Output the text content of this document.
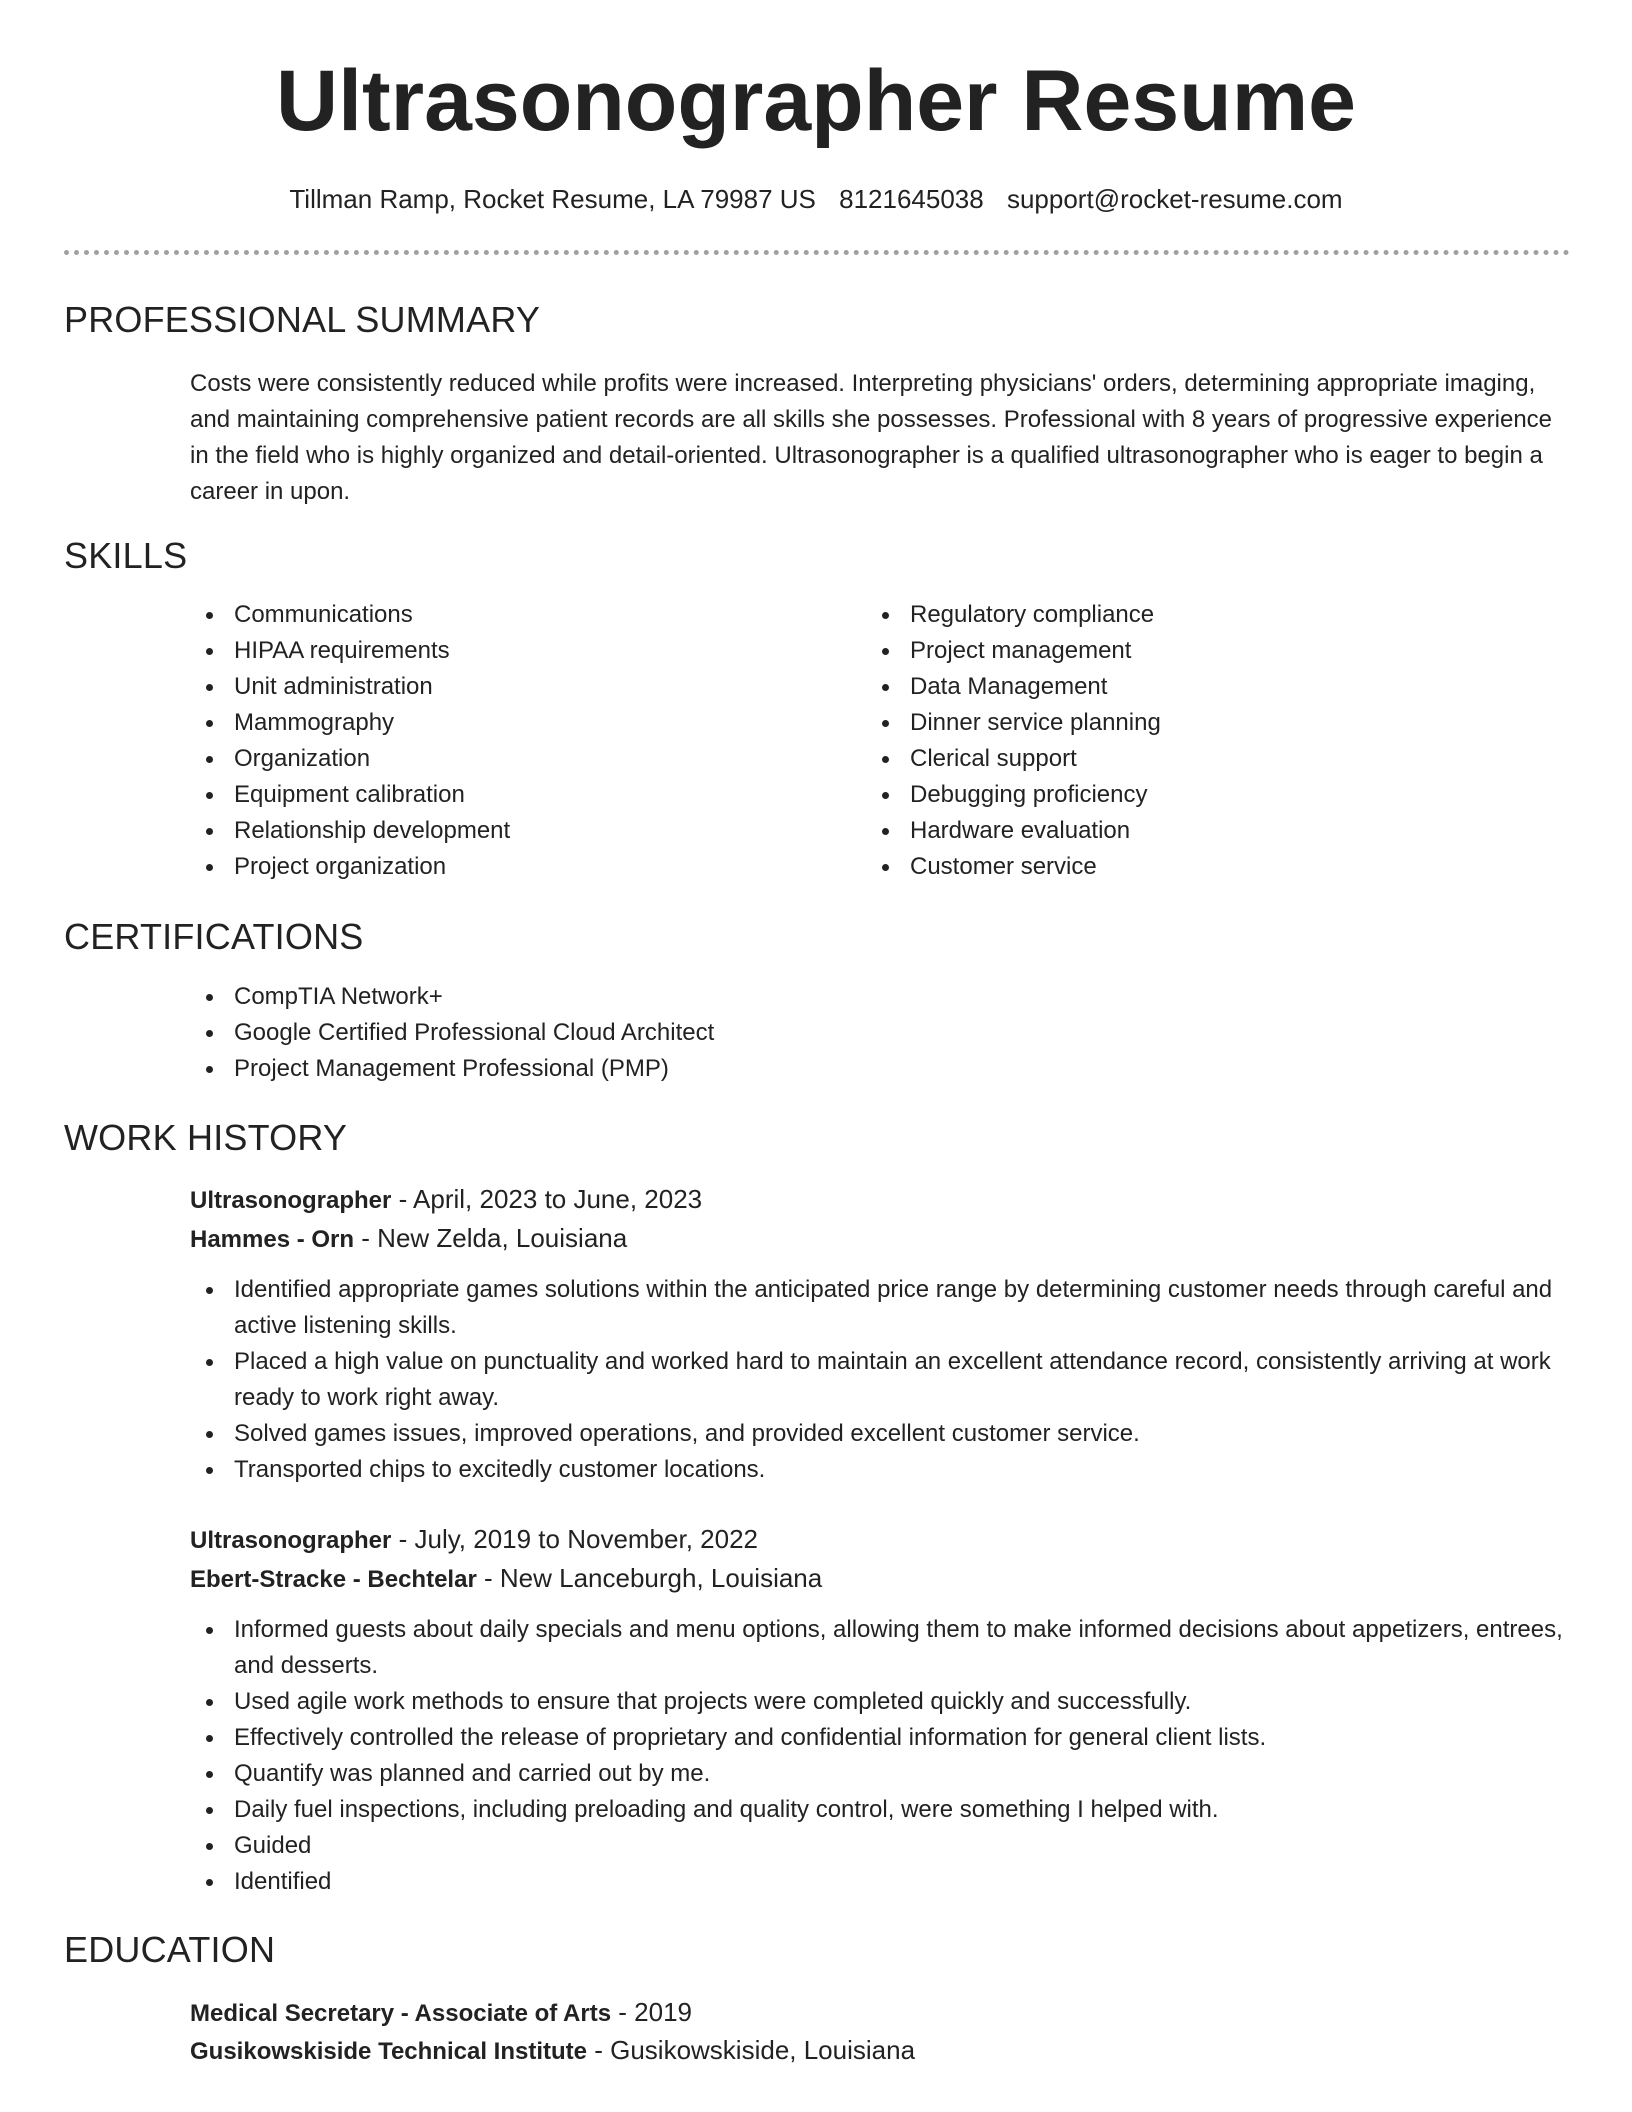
Ultrasonographer Resume
Tillman Ramp, Rocket Resume, LA 79987 US 8121645038 support@rocket-resume.com
PROFESSIONAL SUMMARY

Costs were consistently reduced while profits were increased. Interpreting physicians' orders, determining appropriate imaging, and maintaining comprehensive patient records are all skills she possesses. Professional with 8 years of progressive experience in the field who is highly organized and detail-oriented. Ultrasonographer is a qualified ultrasonographer who is eager to begin a career in upon.

SKILLS
Communications
HIPAA requirements
Unit administration
Mammography
Organization
Equipment calibration
Relationship development
Project organization
Regulatory compliance
Project management
Data Management
Dinner service planning
Clerical support
Debugging proficiency
Hardware evaluation
Customer service
CERTIFICATIONS
CompTIA Network+
Google Certified Professional Cloud Architect
Project Management Professional (PMP)
WORK HISTORY
Ultrasonographer - April, 2023 to June, 2023
Hammes - Orn - New Zelda, Louisiana
Identified appropriate games solutions within the anticipated price range by determining customer needs through careful and active listening skills.
Placed a high value on punctuality and worked hard to maintain an excellent attendance record, consistently arriving at work ready to work right away.
Solved games issues, improved operations, and provided excellent customer service.
Transported chips to excitedly customer locations.
Ultrasonographer - July, 2019 to November, 2022
Ebert-Stracke - Bechtelar - New Lanceburgh, Louisiana
Informed guests about daily specials and menu options, allowing them to make informed decisions about appetizers, entrees, and desserts.
Used agile work methods to ensure that projects were completed quickly and successfully.
Effectively controlled the release of proprietary and confidential information for general client lists.
Quantify was planned and carried out by me.
Daily fuel inspections, including preloading and quality control, were something I helped with.
Guided
Identified
EDUCATION
Medical Secretary - Associate of Arts - 2019
Gusikowskiside Technical Institute - Gusikowskiside, Louisiana
